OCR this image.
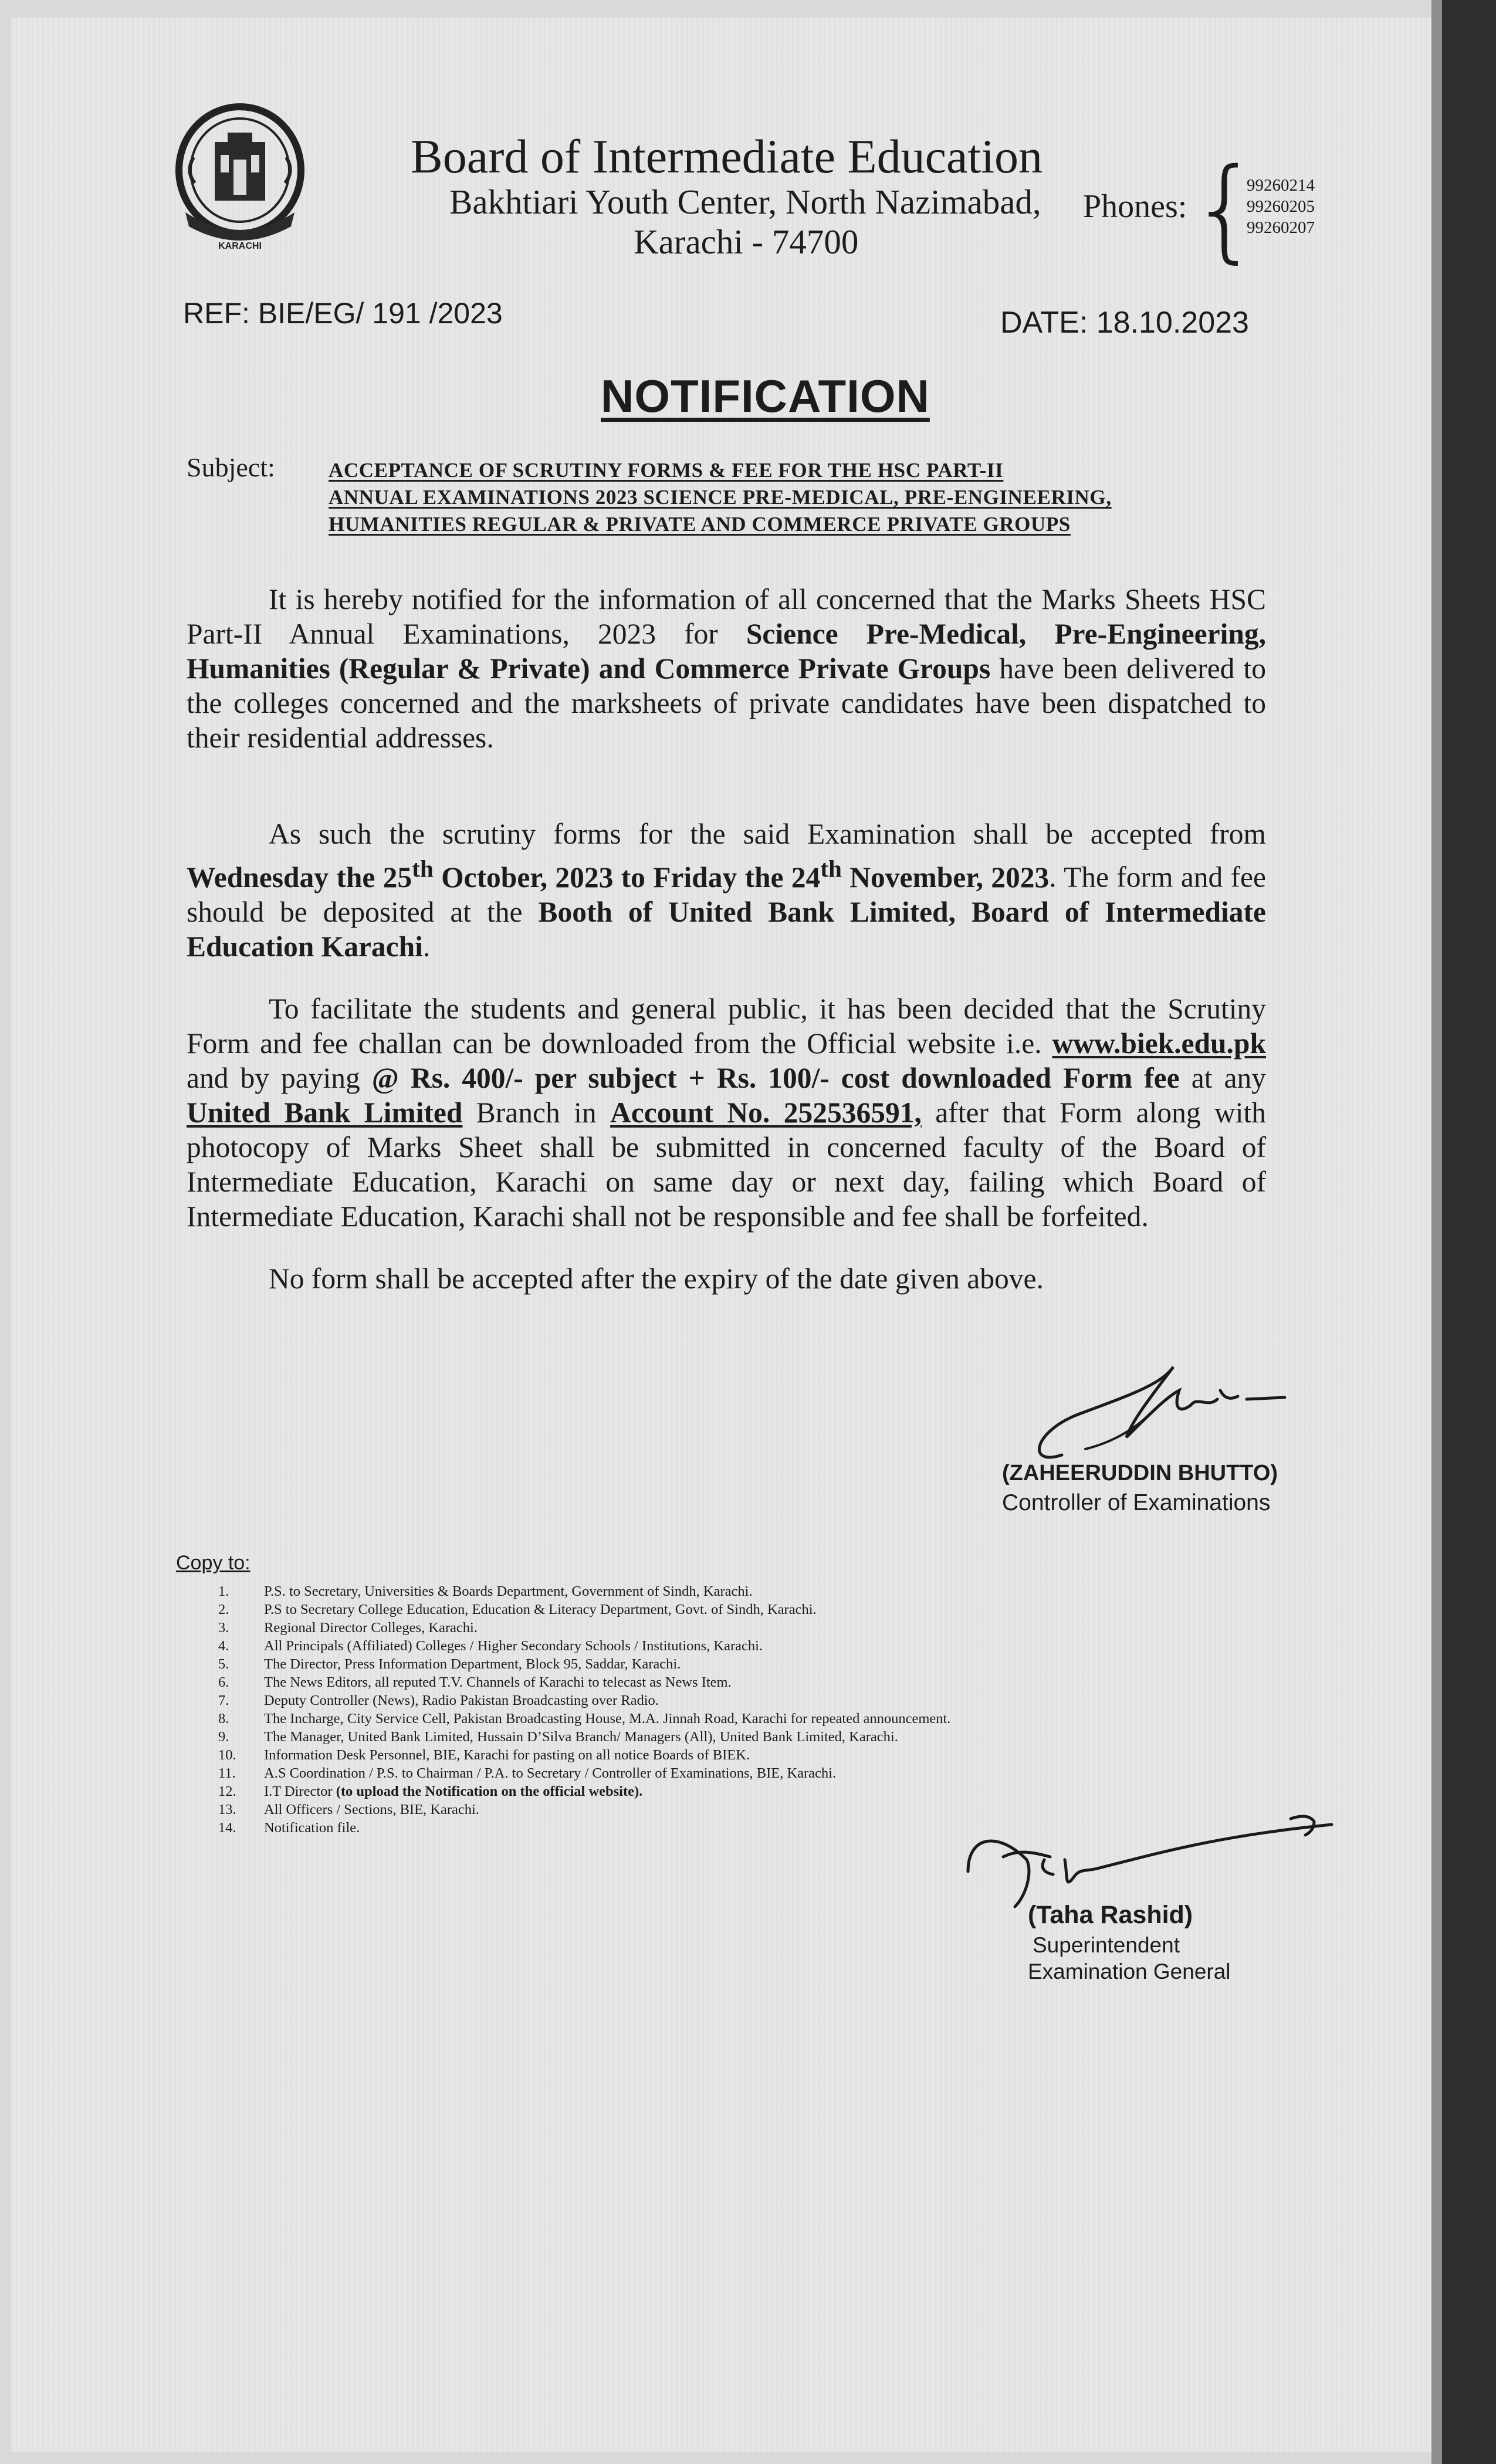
KARACHI
Board of Intermediate Education
Bakhtiari Youth Center, North Nazimabad,
Karachi - 74700
Phones: {
99260214
99260205
99260207
REF: BIE/EG/ 191 /2023	DATE: 18.10.2023
NOTIFICATION
Subject:	ACCEPTANCE OF SCRUTINY FORMS & FEE FOR THE HSC PART-II
ANNUAL EXAMINATIONS 2023 SCIENCE PRE-MEDICAL, PRE-ENGINEERING,
HUMANITIES REGULAR & PRIVATE AND COMMERCE PRIVATE GROUPS

It is hereby notified for the information of all concerned that the Marks Sheets HSC Part-II Annual Examinations, 2023 for Science Pre-Medical, Pre-Engineering, Humanities (Regular & Private) and Commerce Private Groups have been delivered to the colleges concerned and the marksheets of private candidates have been dispatched to their residential addresses.

As such the scrutiny forms for the said Examination shall be accepted from Wednesday the 25th October, 2023 to Friday the 24th November, 2023. The form and fee should be deposited at the Booth of United Bank Limited, Board of Intermediate Education Karachi.

To facilitate the students and general public, it has been decided that the Scrutiny Form and fee challan can be downloaded from the Official website i.e. www.biek.edu.pk and by paying @ Rs. 400/- per subject + Rs. 100/- cost downloaded Form fee at any United Bank Limited Branch in Account No. 252536591, after that Form along with photocopy of Marks Sheet shall be submitted in concerned faculty of the Board of Intermediate Education, Karachi on same day or next day, failing which Board of Intermediate Education, Karachi shall not be responsible and fee shall be forfeited.

No form shall be accepted after the expiry of the date given above.

(ZAHEERUDDIN BHUTTO)
Controller of Examinations
Copy to:
1.	P.S. to Secretary, Universities & Boards Department, Government of Sindh, Karachi.
2.	P.S to Secretary College Education, Education & Literacy Department, Govt. of Sindh, Karachi.
3.	Regional Director Colleges, Karachi.
4.	All Principals (Affiliated) Colleges / Higher Secondary Schools / Institutions, Karachi.
5.	The Director, Press Information Department, Block 95, Saddar, Karachi.
6.	The News Editors, all reputed T.V. Channels of Karachi to telecast as News Item.
7.	Deputy Controller (News), Radio Pakistan Broadcasting over Radio.
8.	The Incharge, City Service Cell, Pakistan Broadcasting House, M.A. Jinnah Road, Karachi for repeated announcement.
9.	The Manager, United Bank Limited, Hussain D’Silva Branch/ Managers (All), United Bank Limited, Karachi.
10.	Information Desk Personnel, BIE, Karachi for pasting on all notice Boards of BIEK.
11.	A.S Coordination / P.S. to Chairman / P.A. to Secretary / Controller of Examinations, BIE, Karachi.
12.	I.T Director (to upload the Notification on the official website).
13.	All Officers / Sections, BIE, Karachi.
14.	Notification file.
(Taha Rashid)
Superintendent
Examination General
